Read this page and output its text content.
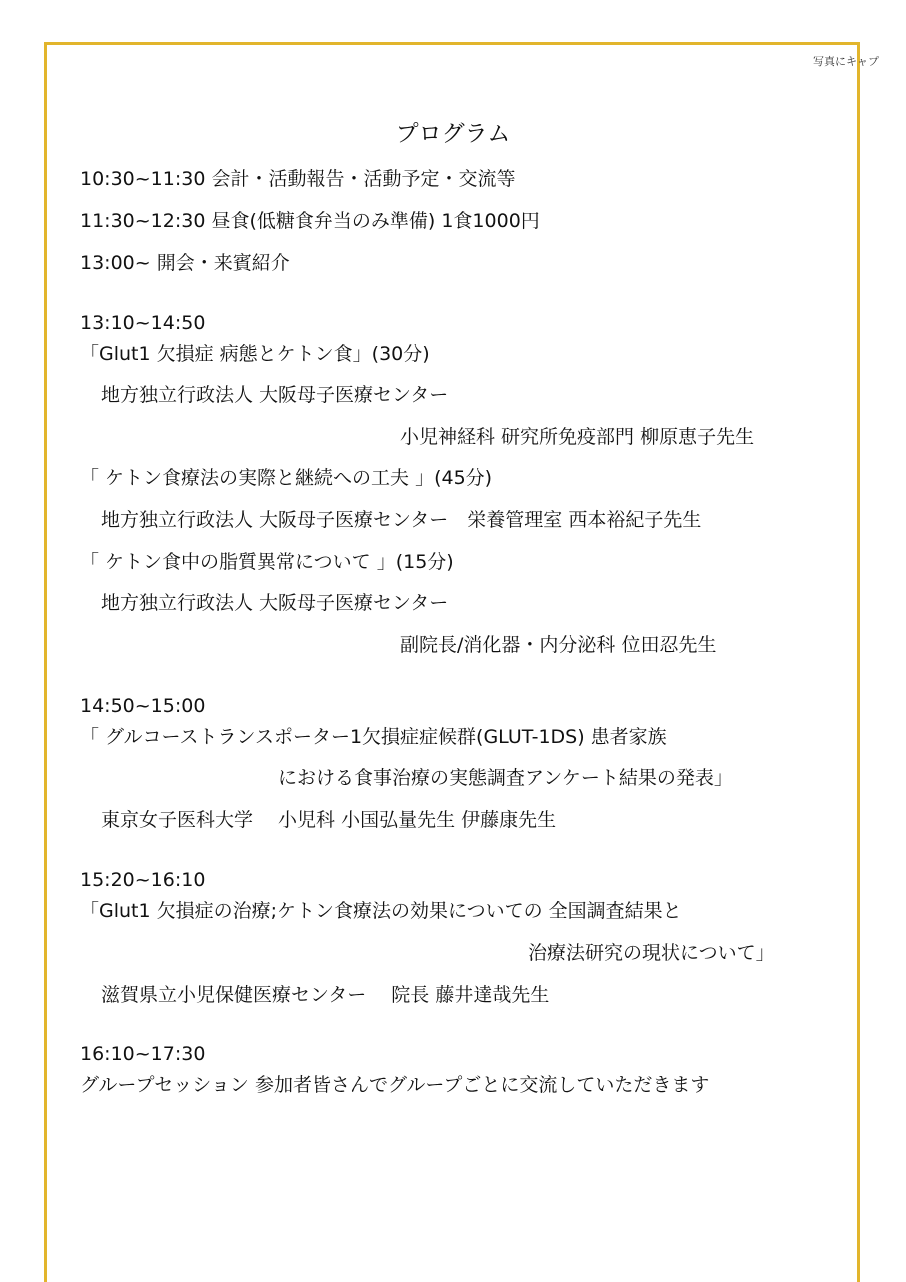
写真にキャプ
プログラム
10:30~11:30 会計・活動報告・活動予定・交流等
11:30~12:30 昼食(低糖食弁当のみ準備) 1食1000円
13:00~ 開会・来賓紹介
13:10~14:50
「Glut1 欠損症 病態とケトン食」(30分)
地方独立行政法人 大阪母子医療センター
小児神経科 研究所免疫部門 柳原恵子先生
「 ケトン食療法の実際と継続への工夫 」(45分)
地方独立行政法人 大阪母子医療センター　栄養管理室 西本裕紀子先生
「 ケトン食中の脂質異常について 」(15分)
地方独立行政法人 大阪母子医療センター
副院長/消化器・内分泌科 位田忍先生
14:50~15:00
「 グルコーストランスポーター1欠損症症候群(GLUT-1DS) 患者家族
における食事治療の実態調査アンケート結果の発表」
東京女子医科大学　 小児科 小国弘量先生 伊藤康先生
15:20~16:10
「Glut1 欠損症の治療;ケトン食療法の効果についての 全国調査結果と
治療法研究の現状について」
滋賀県立小児保健医療センター　 院長 藤井達哉先生
16:10~17:30
グループセッション 参加者皆さんでグループごとに交流していただきます
